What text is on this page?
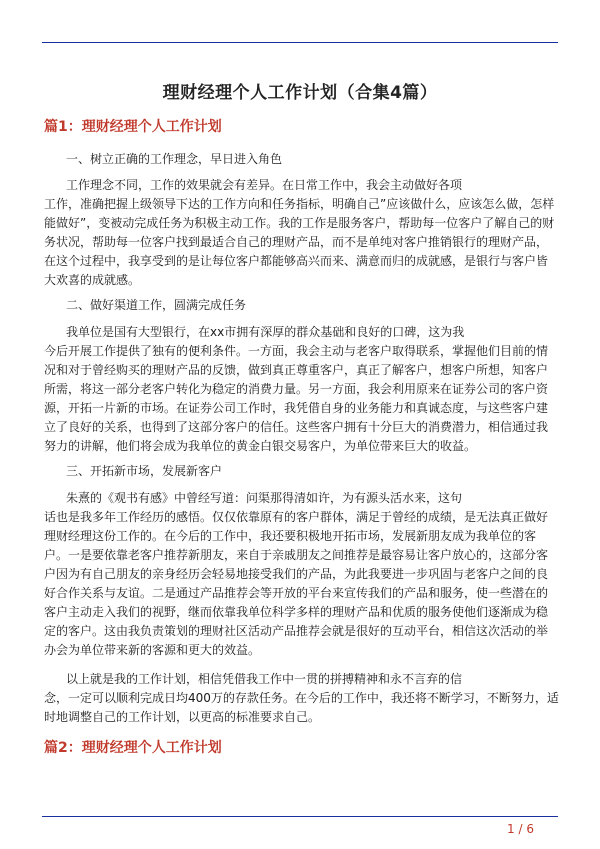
理财经理个人工作计划（合集4篇）
篇1：理财经理个人工作计划
一、树立正确的工作理念，早日进入角色
工作理念不同，工作的效果就会有差异。在日常工作中，我会主动做好各项
工作，准确把握上级领导下达的工作方向和任务指标，明确自己”应该做什么，应该怎么做，怎样能做好”，变被动完成任务为积极主动工作。我的工作是服务客户，帮助每一位客户了解自己的财务状况，帮助每一位客户找到最适合自己的理财产品，而不是单纯对客户推销银行的理财产品，在这个过程中，我享受到的是让每位客户都能够高兴而来、满意而归的成就感，是银行与客户皆大欢喜的成就感。
二、做好渠道工作，圆满完成任务
我单位是国有大型银行，在xx市拥有深厚的群众基础和良好的口碑，这为我
今后开展工作提供了独有的便利条件。一方面，我会主动与老客户取得联系，掌握他们目前的情况和对于曾经购买的理财产品的反馈，做到真正尊重客户，真正了解客户，想客户所想，知客户所需，将这一部分老客户转化为稳定的消费力量。另一方面，我会利用原来在证券公司的客户资源，开拓一片新的市场。在证券公司工作时，我凭借自身的业务能力和真诚态度，与这些客户建立了良好的关系，也得到了这部分客户的信任。这些客户拥有十分巨大的消费潜力，相信通过我努力的讲解，他们将会成为我单位的黄金白银交易客户，为单位带来巨大的收益。
三、开拓新市场，发展新客户
朱熹的《观书有感》中曾经写道：问渠那得清如许，为有源头活水来，这句
话也是我多年工作经历的感悟。仅仅依靠原有的客户群体，满足于曾经的成绩，是无法真正做好理财经理这份工作的。在今后的工作中，我还要积极地开拓市场，发展新朋友成为我单位的客户。一是要依靠老客户推荐新朋友，来自于亲戚朋友之间推荐是最容易让客户放心的，这部分客户因为有自己朋友的亲身经历会轻易地接受我们的产品，为此我要进一步巩固与老客户之间的良好合作关系与友谊。二是通过产品推荐会等开放的平台来宣传我们的产品和服务，使一些潜在的客户主动走入我们的视野，继而依靠我单位科学多样的理财产品和优质的服务使他们逐渐成为稳定的客户。这由我负责策划的理财社区活动产品推荐会就是很好的互动平台，相信这次活动的举办会为单位带来新的客源和更大的效益。
以上就是我的工作计划，相信凭借我工作中一贯的拼搏精神和永不言弃的信
念，一定可以顺利完成日均400万的存款任务。在今后的工作中，我还将不断学习，不断努力，适时地调整自己的工作计划，以更高的标准要求自己。
篇2：理财经理个人工作计划
1 / 6
